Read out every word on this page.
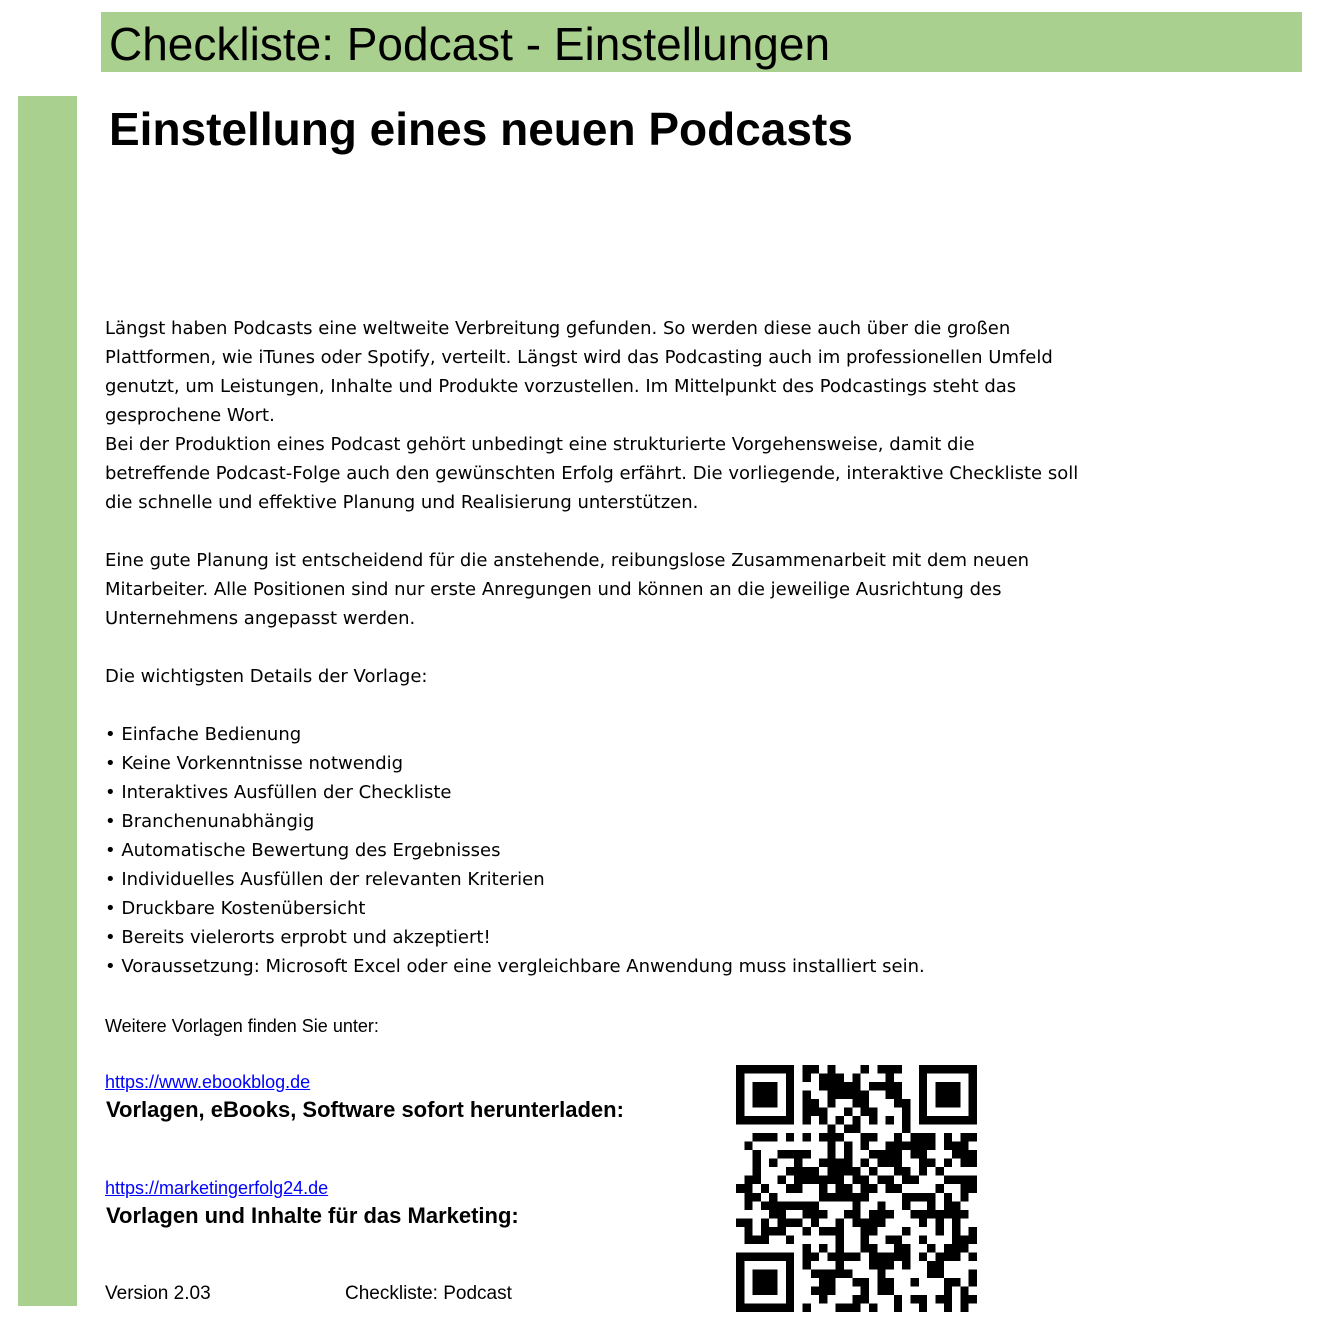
Checkliste: Podcast - Einstellungen
Einstellung eines neuen Podcasts

Längst haben Podcasts eine weltweite Verbreitung gefunden. So werden diese auch über die großen Plattformen, wie iTunes oder Spotify, verteilt. Längst wird das Podcasting auch im professionellen Umfeld genutzt, um Leistungen, Inhalte und Produkte vorzustellen. Im Mittelpunkt des Podcastings steht das gesprochene Wort.

Bei der Produktion eines Podcast gehört unbedingt eine strukturierte Vorgehensweise, damit die betreffende Podcast-Folge auch den gewünschten Erfolg erfährt. Die vorliegende, interaktive Checkliste soll die schnelle und effektive Planung und Realisierung unterstützen.

Eine gute Planung ist entscheidend für die anstehende, reibungslose Zusammenarbeit mit dem neuen Mitarbeiter. Alle Positionen sind nur erste Anregungen und können an die jeweilige Ausrichtung des Unternehmens angepasst werden.

Die wichtigsten Details der Vorlage:

• Einfache Bedienung
• Keine Vorkenntnisse notwendig
• Interaktives Ausfüllen der Checkliste
• Branchenunabhängig
• Automatische Bewertung des Ergebnisses
• Individuelles Ausfüllen der relevanten Kriterien
• Druckbare Kostenübersicht
• Bereits vielerorts erprobt und akzeptiert!
• Voraussetzung: Microsoft Excel oder eine vergleichbare Anwendung muss installiert sein.
Weitere Vorlagen finden Sie unter:
https://www.ebookblog.de
Vorlagen, eBooks, Software sofort herunterladen:
https://marketingerfolg24.de
Vorlagen und Inhalte für das Marketing:
Version 2.03	Checkliste: Podcast
